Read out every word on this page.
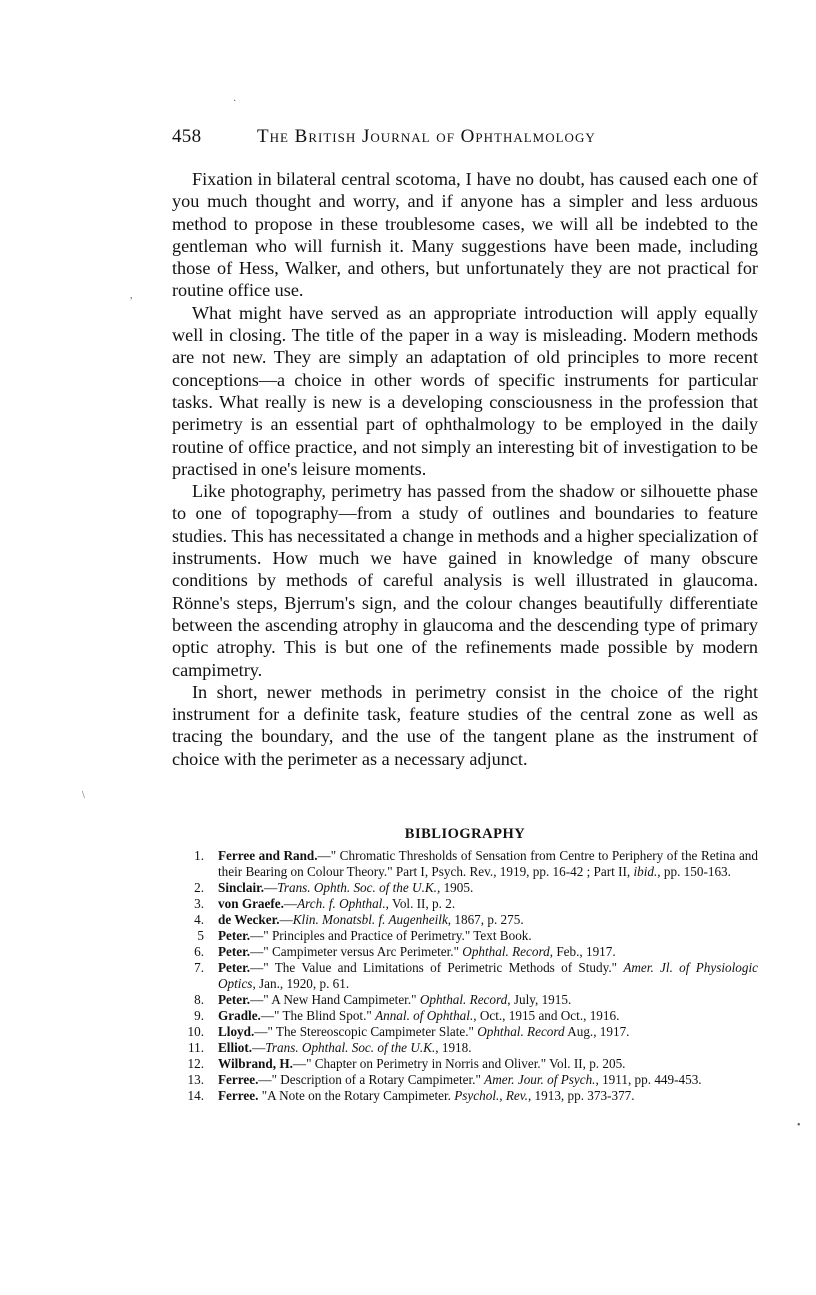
458	The British Journal of Ophthalmology

Fixation in bilateral central scotoma, I have no doubt, has caused each one of you much thought and worry, and if anyone has a simpler and less arduous method to propose in these troublesome cases, we will all be indebted to the gentleman who will furnish it. Many suggestions have been made, including those of Hess, Walker, and others, but unfortunately they are not practical for routine office use.

What might have served as an appropriate introduction will apply equally well in closing. The title of the paper in a way is misleading. Modern methods are not new. They are simply an adaptation of old principles to more recent conceptions—a choice in other words of specific instruments for particular tasks. What really is new is a developing consciousness in the profession that perimetry is an essential part of ophthalmology to be employed in the daily routine of office practice, and not simply an interesting bit of investigation to be practised in one's leisure moments.

Like photography, perimetry has passed from the shadow or silhouette phase to one of topography—from a study of outlines and boundaries to feature studies. This has necessitated a change in methods and a higher specialization of instruments. How much we have gained in knowledge of many obscure conditions by methods of careful analysis is well illustrated in glaucoma. Rönne's steps, Bjerrum's sign, and the colour changes beautifully differentiate between the ascending atrophy in glaucoma and the descending type of primary optic atrophy. This is but one of the refinements made possible by modern campimetry.

In short, newer methods in perimetry consist in the choice of the right instrument for a definite task, feature studies of the central zone as well as tracing the boundary, and the use of the tangent plane as the instrument of choice with the perimeter as a necessary adjunct.

BIBLIOGRAPHY
1. Ferree and Rand.—" Chromatic Thresholds of Sensation from Centre to Periphery of the Retina and their Bearing on Colour Theory." Part I, Psych. Rev., 1919, pp. 16-42 ; Part II, ibid., pp. 150-163.
2. Sinclair.—Trans. Ophth. Soc. of the U.K., 1905.
3. von Graefe.—Arch. f. Ophthal., Vol. II, p. 2.
4. de Wecker.—Klin. Monatsbl. f. Augenheilk, 1867, p. 275.
5 Peter.—" Principles and Practice of Perimetry." Text Book.
6. Peter.—" Campimeter versus Arc Perimeter." Ophthal. Record, Feb., 1917.
7. Peter.—" The Value and Limitations of Perimetric Methods of Study." Amer. Jl. of Physiologic Optics, Jan., 1920, p. 61.
8. Peter.—" A New Hand Campimeter." Ophthal. Record, July, 1915.
9. Gradle.—" The Blind Spot." Annal. of Ophthal., Oct., 1915 and Oct., 1916.
10. Lloyd.—" The Stereoscopic Campimeter Slate." Ophthal. Record Aug., 1917.
11. Elliot.—Trans. Ophthal. Soc. of the U.K., 1918.
12. Wilbrand, H.—" Chapter on Perimetry in Norris and Oliver." Vol. II, p. 205.
13. Ferree.—" Description of a Rotary Campimeter." Amer. Jour. of Psych., 1911, pp. 449-453.
14. Ferree. "A Note on the Rotary Campimeter. Psychol., Rev., 1913, pp. 373-377.
·
,
\
•
